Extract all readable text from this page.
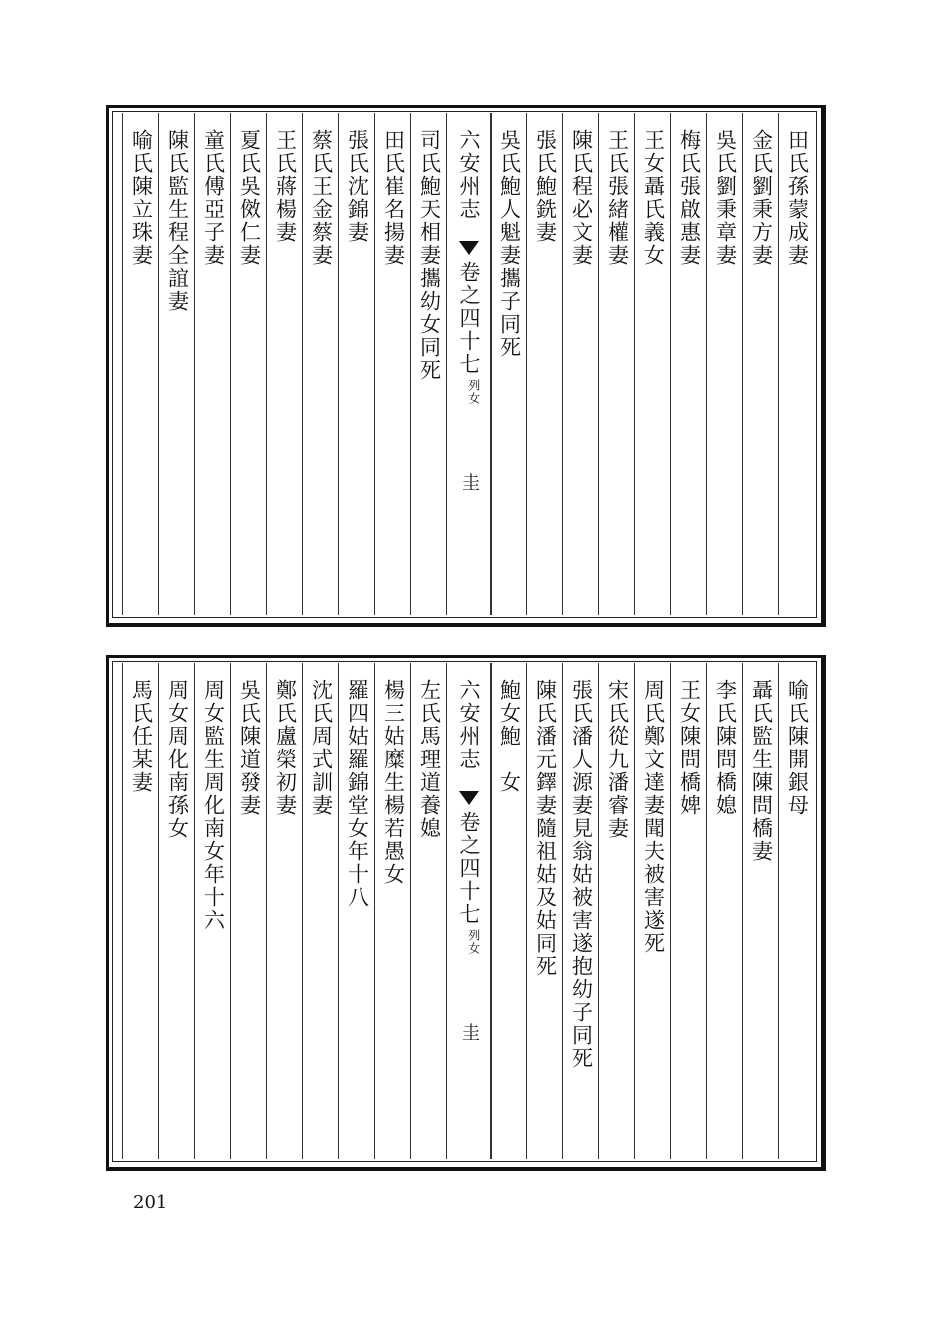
田氏孫蒙成妻
金氏劉秉方妻
吳氏劉秉章妻
梅氏張啟惠妻
王女聶氏義女
王氏張緒權妻
陳氏程必文妻
張氏鮑銑妻
吳氏鮑人魁妻攜子同死
六安州志
卷之四十七
列女
圭
司氏鮑天相妻攜幼女同死
田氏崔名揚妻
張氏沈錦妻
蔡氏王金蔡妻
王氏蔣楊妻
夏氏吳傚仁妻
童氏傅亞子妻
陳氏監生程全誼妻
喻氏陳立珠妻
喻氏陳開銀母
聶氏監生陳問橋妻
李氏陳問橋媳
王女陳問橋婢
周氏鄭文達妻聞夫被害遂死
宋氏從九潘睿妻
張氏潘人源妻見翁姑被害遂抱幼子同死
陳氏潘元鐸妻隨祖姑及姑同死
鮑女鮑　女
六安州志
卷之四十七
列女
圭
左氏馬理道養媳
楊三姑糜生楊若愚女
羅四姑羅錦堂女年十八
沈氏周式訓妻
鄭氏盧榮初妻
吳氏陳道發妻
周女監生周化南女年十六
周女周化南孫女
馬氏任某妻
201
